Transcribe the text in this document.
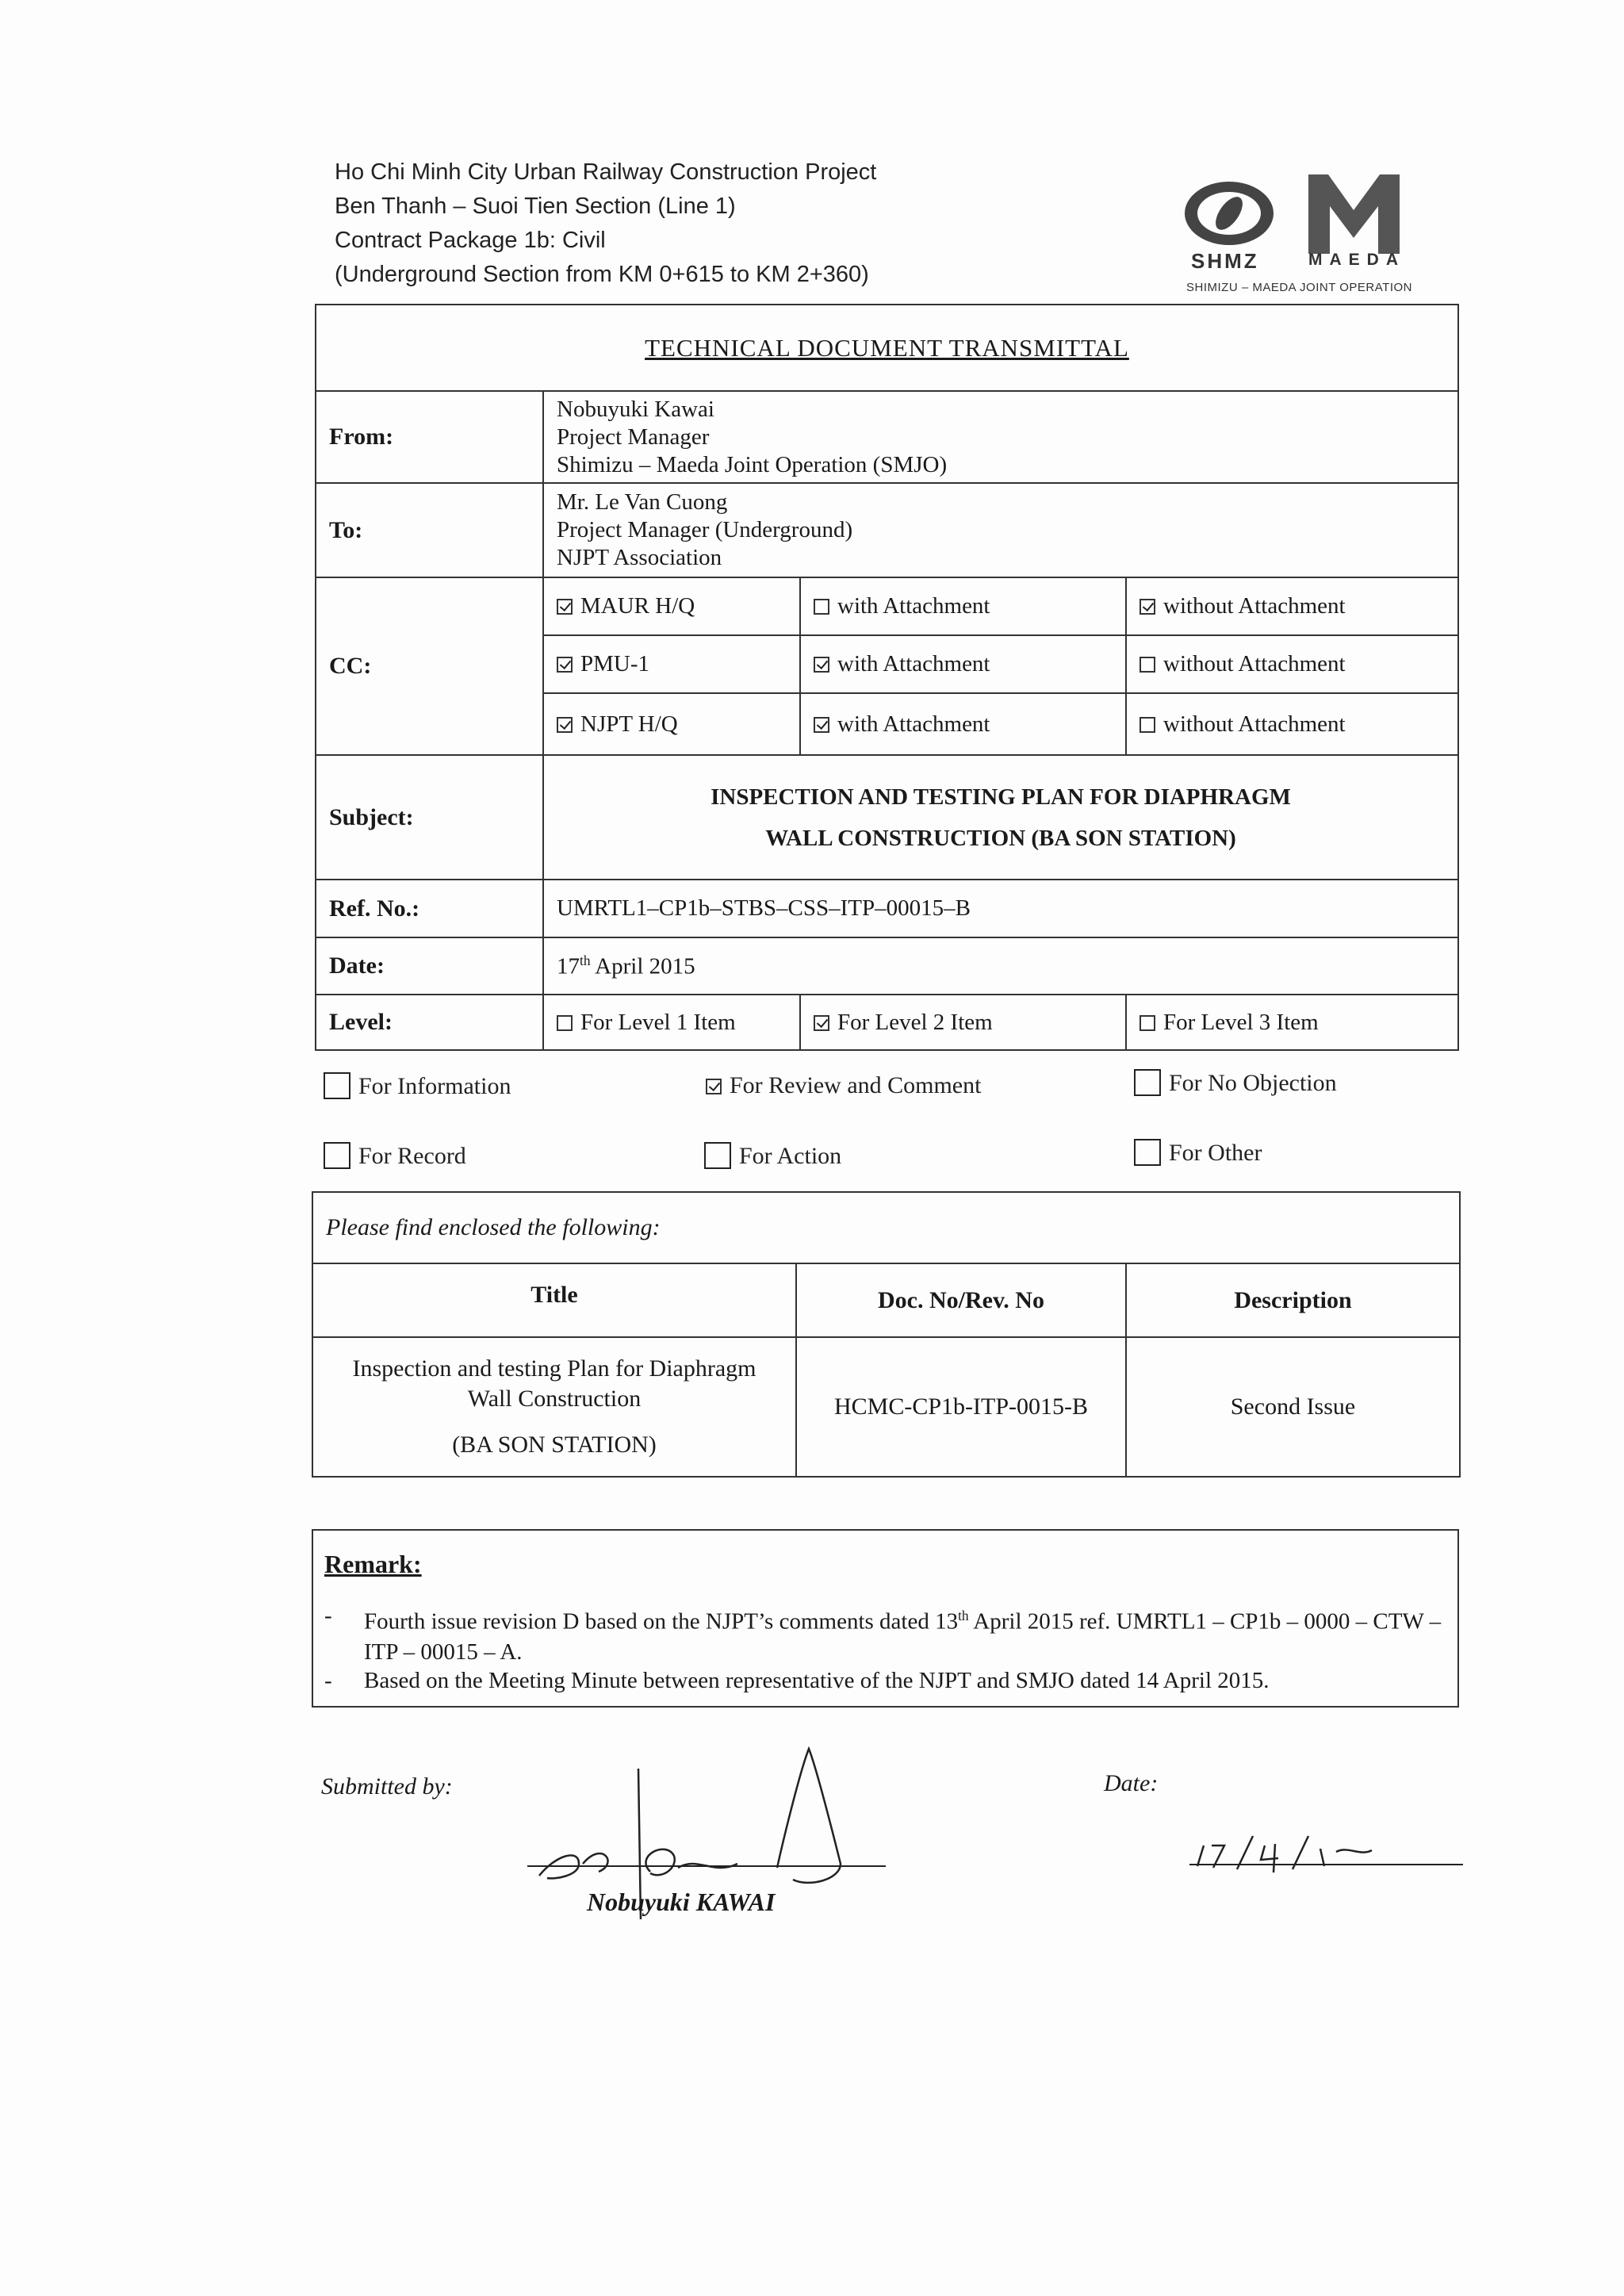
Ho Chi Minh City Urban Railway Construction Project
Ben Thanh – Suoi Tien Section (Line 1)
Contract Package 1b: Civil
(Underground Section from KM 0+615 to KM 2+360)
SHMZ	MAEDA
SHIMIZU – MAEDA JOINT OPERATION
TECHNICAL DOCUMENT TRANSMITTAL			
From:	Nobuyuki Kawai
Project Manager
Shimizu – Maeda Joint Operation (SMJO)		

To:	Mr. Le Van Cuong
Project Manager (Underground)
NJPT Association		

CC:	MAUR H/Q	with Attachment	without Attachment
	PMU-1	with Attachment	without Attachment
	NJPT H/Q	with Attachment	without Attachment
Subject:	INSPECTION AND TESTING PLAN FOR DIAPHRAGM
WALL CONSTRUCTION (BA SON STATION)		

Ref. No.:	UMRTL1–CP1b–STBS–CSS–ITP–00015–B		
Date:	17th April 2015		
Level:	For Level 1 Item	For Level 2 Item	For Level 3 Item
For Information	For Review and Comment	For No Objection
For Record	For Action	For Other
Please find enclosed the following:		
Title	Doc. No/Rev. No	Description

Inspection and testing Plan for Diaphragm
Wall Construction
(BA SON STATION)	HCMC-CP1b-ITP-0015-B	Second Issue
Remark:
- Fourth issue revision D based on the NJPT’s comments dated 13th April 2015 ref. UMRTL1 – CP1b – 0000 – CTW – ITP – 00015 – A.
- Based on the Meeting Minute between representative of the NJPT and SMJO dated 14 April 2015.
Submitted by:
Nobuyuki KAWAI
Date:
